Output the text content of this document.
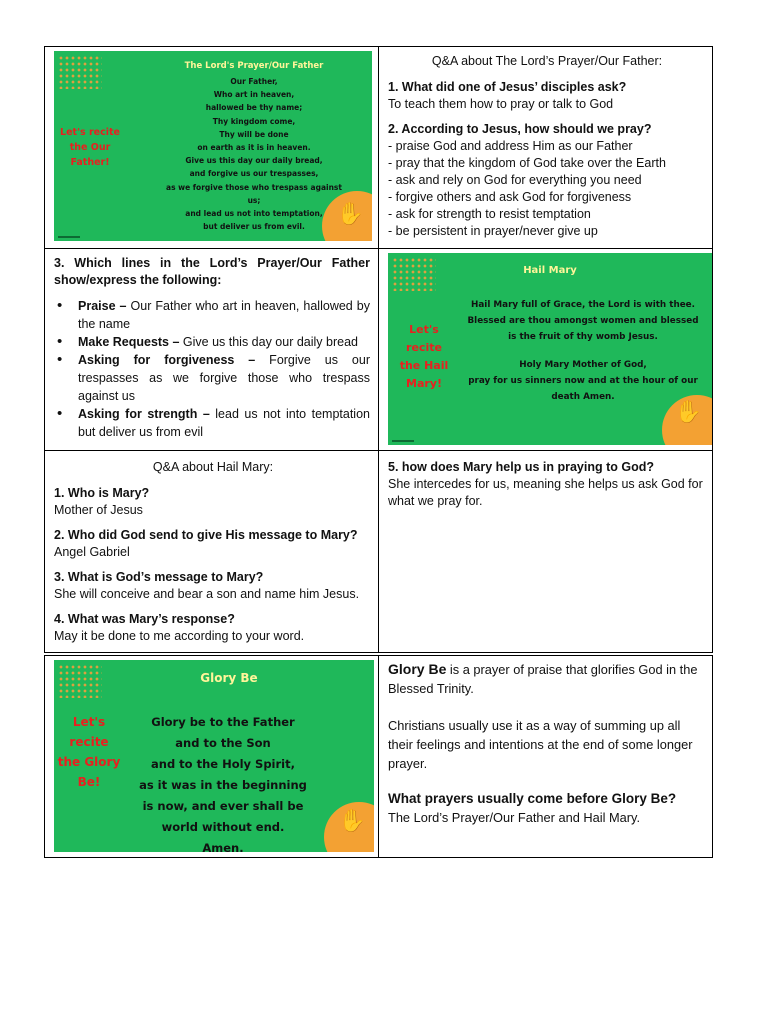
✋
The Lord's Prayer/Our Father
Let's recite
the Our
Father!
Our Father,
Who art in heaven,
hallowed be thy name;
Thy kingdom come,
Thy will be done
on earth as it is in heaven.
Give us this day our daily bread,
and forgive us our trespasses,
as we forgive those who trespass against
us;
and lead us not into temptation,
but deliver us from evil.

Q&A about The Lord’s Prayer/Our Father:

1. What did one of Jesus’ disciples ask?

To teach them how to pray or talk to God

2. According to Jesus, how should we pray?

- praise God and address Him as our Father

- pray that the kingdom of God take over the Earth

- ask and rely on God for everything you need

- forgive others and ask God for forgiveness

- ask for strength to resist temptation

- be persistent in prayer/never give up

3. Which lines in the Lord’s Prayer/Our Father show/express the following:

• Praise – Our Father who art in heaven, hallowed by the name
• Make Requests – Give us this day our daily bread
• Asking for forgiveness – Forgive us our trespasses as we forgive those who trespass against us
• Asking for strength – lead us not into temptation but deliver us from evil
✋
Hail Mary
Let's recite
the Hail
Mary!
Hail Mary full of Grace, the Lord is with thee.
Blessed are thou amongst women and blessed
is the fruit of thy womb Jesus.
Holy Mary Mother of God,
pray for us sinners now and at the hour of our
death Amen.

Q&A about Hail Mary:

1. Who is Mary?

Mother of Jesus

2. Who did God send to give His message to Mary?

Angel Gabriel

3. What is God’s message to Mary?

She will conceive and bear a son and name him Jesus.

4. What was Mary’s response?

May it be done to me according to your word.

5. how does Mary help us in praying to God?

She intercedes for us, meaning she helps us ask God for what we pray for.

✋
Glory Be
Let's recite
the Glory
Be!
Glory be to the Father
and to the Son
and to the Holy Spirit,
as it was in the beginning
is now, and ever shall be
world without end.
Amen.

Glory Be is a prayer of praise that glorifies God in the Blessed Trinity.

Christians usually use it as a way of summing up all their feelings and intentions at the end of some longer prayer.

What prayers usually come before Glory Be?

The Lord’s Prayer/Our Father and Hail Mary.
